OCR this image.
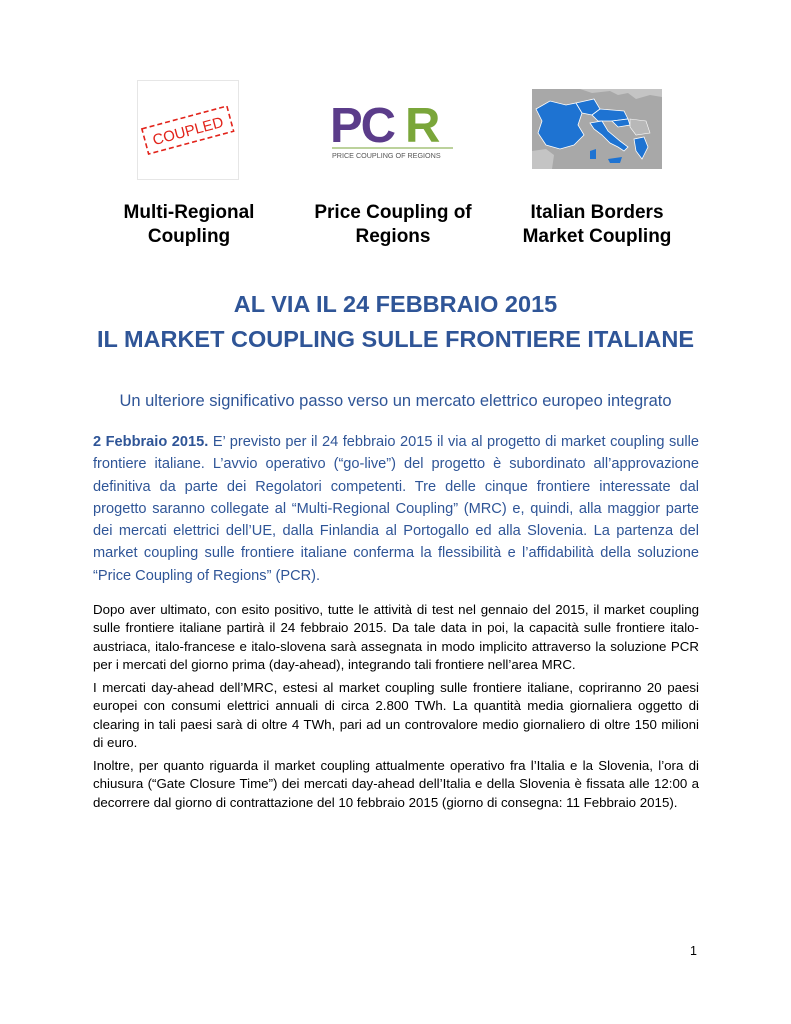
COUPLED PC R
PRICE COUPLING OF REGIONS
Multi-Regional
Coupling
Price Coupling of
Regions
Italian Borders
Market Coupling
AL VIA IL 24 FEBBRAIO 2015
IL MARKET COUPLING SULLE FRONTIERE ITALIANE
Un ulteriore significativo passo verso un mercato elettrico europeo integrato
2 Febbraio 2015. E’ previsto per il 24 febbraio 2015 il via al progetto di market coupling sulle frontiere italiane. L’avvio operativo (“go-live”) del progetto è subordinato all’approvazione definitiva da parte dei Regolatori competenti. Tre delle cinque frontiere interessate dal progetto saranno collegate al “Multi-Regional Coupling” (MRC) e, quindi, alla maggior parte dei mercati elettrici dell’UE, dalla Finlandia al Portogallo ed alla Slovenia. La partenza del market coupling sulle frontiere italiane conferma la flessibilità e l’affidabilità della soluzione “Price Coupling of Regions” (PCR).
Dopo aver ultimato, con esito positivo, tutte le attività di test nel gennaio del 2015, il market coupling sulle frontiere italiane partirà il 24 febbraio 2015. Da tale data in poi, la capacità sulle frontiere italo-austriaca, italo-francese e italo-slovena sarà assegnata in modo implicito attraverso la soluzione PCR per i mercati del giorno prima (day-ahead), integrando tali frontiere nell’area MRC.
I mercati day-ahead dell’MRC, estesi al market coupling sulle frontiere italiane, copriranno 20 paesi europei con consumi elettrici annuali di circa 2.800 TWh. La quantità media giornaliera oggetto di clearing in tali paesi sarà di oltre 4 TWh, pari ad un controvalore medio giornaliero di oltre 150 milioni di euro.
Inoltre, per quanto riguarda il market coupling attualmente operativo fra l’Italia e la Slovenia, l’ora di chiusura (“Gate Closure Time”) dei mercati day-ahead dell’Italia e della Slovenia è fissata alle 12:00 a decorrere dal giorno di contrattazione del 10 febbraio 2015 (giorno di consegna: 11 Febbraio 2015).
1
